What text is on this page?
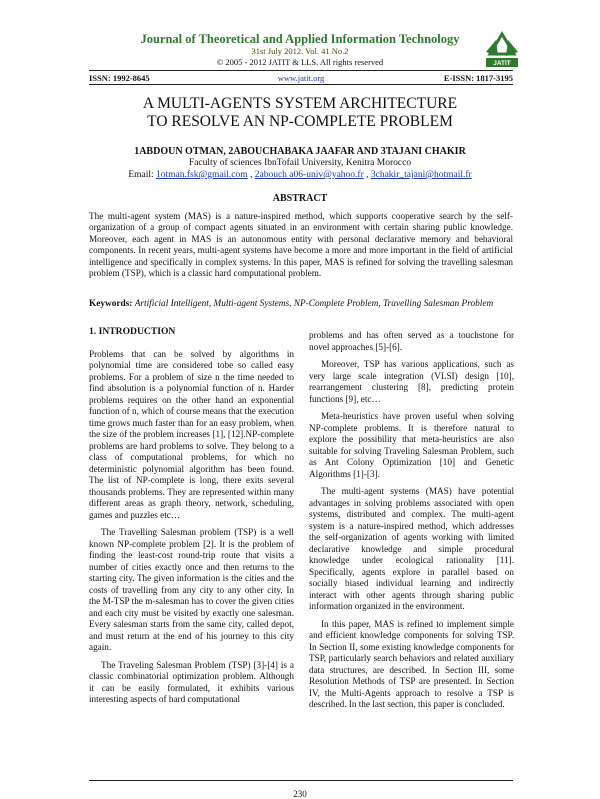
Journal of Theoretical and Applied Information Technology
31st July 2012. Vol. 41 No.2
© 2005 - 2012 JATIT & LLS. All rights reserved	JATIT
ISSN: 1992-8645	www.jatit.org	E-ISSN: 1817-3195
A MULTI-AGENTS SYSTEM ARCHITECTURE
TO RESOLVE AN NP-COMPLETE PROBLEM
1ABDOUN OTMAN, 2ABOUCHABAKA JAAFAR AND 3TAJANI CHAKIR
Faculty of sciences IbnTofail University, Kenitra Morocco
Email: 1otman.fsk@gmail.com , 2abouch a06-univ@yahoo.fr , 3chakir_tajani@hotmail.fr
ABSTRACT
The multi-agent system (MAS) is a nature-inspired method, which supports cooperative search by the self-organization of a group of compact agents situated in an environment with certain sharing public knowledge. Moreover, each agent in MAS is an autonomous entity with personal declarative memory and behavioral components. In recent years, multi-agent systems have become a more and more important in the field of artificial intelligence and specifically in complex systems. In this paper, MAS is refined for solving the travelling salesman problem (TSP), which is a classic hard computational problem.
Keywords: Artificial Intelligent, Multi-agent Systems, NP-Complete Problem, Travelling Salesman Problem
1. INTRODUCTION

Problems that can be solved by algorithms in polynomial time are considered tobe so called easy problems. For a problem of size n the time needed to find absolution is a polynomial function of n. Harder problems requires on the other hand an exponential function of n, which of course means that the execution time grows much faster than for an easy problem, when the size of the problem increases [1], [12].NP-complete problems are hard problems to solve. They belong to a class of computational problems, for which no deterministic polynomial algorithm has been found. The list of NP-complete is long, there exits several thousands problems. They are represented within many different areas as graph theory, network, scheduling, games and puzzles etc…

The Travelling Salesman problem (TSP) is a well known NP-complete problem [2]. It is the problem of finding the least-cost round-trip route that visits a number of cities exactly once and then returns to the starting city. The given information is the cities and the costs of travelling from any city to any other city. In the M-TSP the m-salesman has to cover the given cities and each city must be visited by exactly one salesman. Every salesman starts from the same city, called depot, and must return at the end of his journey to this city again.

The Traveling Salesman Problem (TSP) [3]-[4] is a classic combinatorial optimization problem. Although it can be easily formulated, it exhibits various interesting aspects of hard computational

problems and has often served as a touchstone for novel approaches [5]-[6].

Moreover, TSP has various applications, such as very large scale integration (VLSI) design [10], rearrangement clustering [8], predicting protein functions [9], etc…

Meta-heuristics have proven useful when solving NP-complete problems. It is therefore natural to explore the possibility that meta-heuristics are also suitable for solving Traveling Salesman Problem, such as Ant Colony Optimization [10] and Genetic Algorithms [1]-[3].

The multi-agent systems (MAS) have potential advantages in solving problems associated with open systems, distributed and complex. The multi-agent system is a nature-inspired method, which addresses the self-organization of agents working with limited declarative knowledge and simple procedural knowledge under ecological rationality [11]. Specifically, agents explore in parallel based on socially biased individual learning and indirectly interact with other agents through sharing public information organized in the environment.

In this paper, MAS is refined to implement simple and efficient knowledge components for solving TSP. In Section II, some existing knowledge components for TSP, particularly search behaviors and related auxiliary data structures, are described. In Section III, some Resolution Methods of TSP are presented. In Section IV, the Multi-Agents approach to resolve a TSP is described. In the last section, this paper is concluded.

230
